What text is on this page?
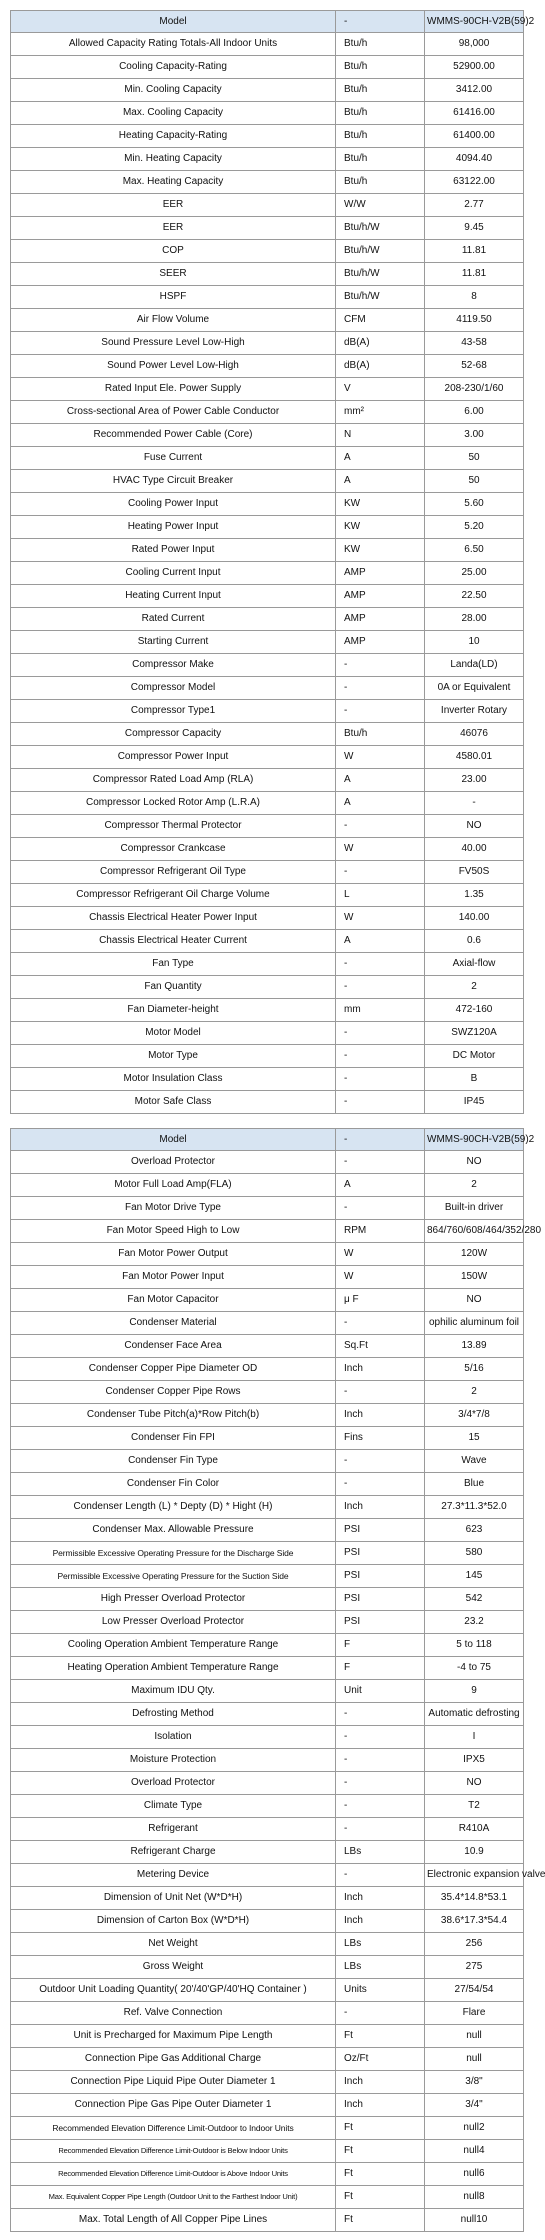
Model	-	WMMS-90CH-V2B(59)2
Allowed Capacity Rating Totals-All Indoor Units	Btu/h	98,000
Cooling Capacity-Rating	Btu/h	52900.00
Min. Cooling Capacity	Btu/h	3412.00
Max. Cooling Capacity	Btu/h	61416.00
Heating Capacity-Rating	Btu/h	61400.00
Min. Heating Capacity	Btu/h	4094.40
Max. Heating Capacity	Btu/h	63122.00
EER	W/W	2.77
EER	Btu/h/W	9.45
COP	Btu/h/W	11.81
SEER	Btu/h/W	11.81
HSPF	Btu/h/W	8
Air Flow Volume	CFM	4119.50
Sound Pressure Level Low-High	dB(A)	43-58
Sound Power Level Low-High	dB(A)	52-68
Rated Input Ele. Power Supply	V	208-230/1/60
Cross-sectional Area of Power Cable Conductor	mm²	6.00
Recommended Power Cable (Core)	N	3.00
Fuse Current	A	50
HVAC Type Circuit Breaker	A	50
Cooling Power Input	KW	5.60
Heating Power Input	KW	5.20
Rated Power Input	KW	6.50
Cooling Current Input	AMP	25.00
Heating Current Input	AMP	22.50
Rated Current	AMP	28.00
Starting Current	AMP	10
Compressor Make	-	Landa(LD)
Compressor Model	-	0A or Equivalent
Compressor Type1	-	Inverter Rotary
Compressor Capacity	Btu/h	46076
Compressor Power Input	W	4580.01
Compressor Rated Load Amp (RLA)	A	23.00
Compressor Locked Rotor Amp (L.R.A)	A	-
Compressor Thermal Protector	-	NO
Compressor Crankcase	W	40.00
Compressor Refrigerant Oil Type	-	FV50S
Compressor Refrigerant Oil Charge Volume	L	1.35
Chassis Electrical Heater Power Input	W	140.00
Chassis Electrical Heater Current	A	0.6
Fan Type	-	Axial-flow
Fan Quantity	-	2
Fan Diameter-height	mm	472-160
Motor Model	-	SWZ120A
Motor Type	-	DC Motor
Motor Insulation Class	-	B
Motor Safe Class	-	IP45
Model	-	WMMS-90CH-V2B(59)2
Overload Protector	-	NO
Motor Full Load Amp(FLA)	A	2
Fan Motor Drive Type	-	Built-in driver
Fan Motor Speed High to Low	RPM	864/760/608/464/352/280
Fan Motor Power Output	W	120W
Fan Motor Power Input	W	150W
Fan Motor Capacitor	μ F	NO
Condenser Material	-	ophilic aluminum foil
Condenser Face Area	Sq.Ft	13.89
Condenser Copper Pipe Diameter OD	Inch	5/16
Condenser Copper Pipe Rows	-	2
Condenser Tube Pitch(a)*Row Pitch(b)	Inch	3/4*7/8
Condenser Fin FPI	Fins	15
Condenser Fin Type	-	Wave
Condenser Fin Color	-	Blue
Condenser Length (L) * Depty (D) * Hight (H)	Inch	27.3*11.3*52.0
Condenser Max. Allowable Pressure	PSI	623
Permissible Excessive Operating Pressure for the Discharge Side	PSI	580
Permissible Excessive Operating Pressure for the Suction Side	PSI	145
High Presser Overload Protector	PSI	542
Low Presser Overload Protector	PSI	23.2
Cooling Operation Ambient Temperature Range	F	5 to 118
Heating Operation Ambient Temperature Range	F	-4 to 75
Maximum IDU Qty.	Unit	9
Defrosting Method	-	Automatic defrosting
Isolation	-	I
Moisture Protection	-	IPX5
Overload Protector	-	NO
Climate Type	-	T2
Refrigerant	-	R410A
Refrigerant Charge	LBs	10.9
Metering Device	-	Electronic expansion valve
Dimension of Unit Net (W*D*H)	Inch	35.4*14.8*53.1
Dimension of Carton Box (W*D*H)	Inch	38.6*17.3*54.4
Net Weight	LBs	256
Gross Weight	LBs	275
Outdoor Unit Loading Quantity( 20'/40'GP/40'HQ Container )	Units	27/54/54
Ref. Valve Connection	-	Flare
Unit is Precharged for Maximum Pipe Length	Ft	null
Connection Pipe Gas Additional Charge	Oz/Ft	null
Connection Pipe Liquid Pipe Outer Diameter 1	Inch	3/8"
Connection Pipe Gas Pipe Outer Diameter 1	Inch	3/4"
Recommended Elevation Difference Limit-Outdoor to Indoor Units	Ft	null2
Recommended Elevation Difference Limit-Outdoor is Below Indoor Units	Ft	null4
Recommended Elevation Difference Limit-Outdoor is Above Indoor Units	Ft	null6
Max. Equivalent Copper Pipe Length (Outdoor Unit to the Farthest Indoor Unit)	Ft	null8
Max. Total Length of All Copper Pipe Lines	Ft	null10
